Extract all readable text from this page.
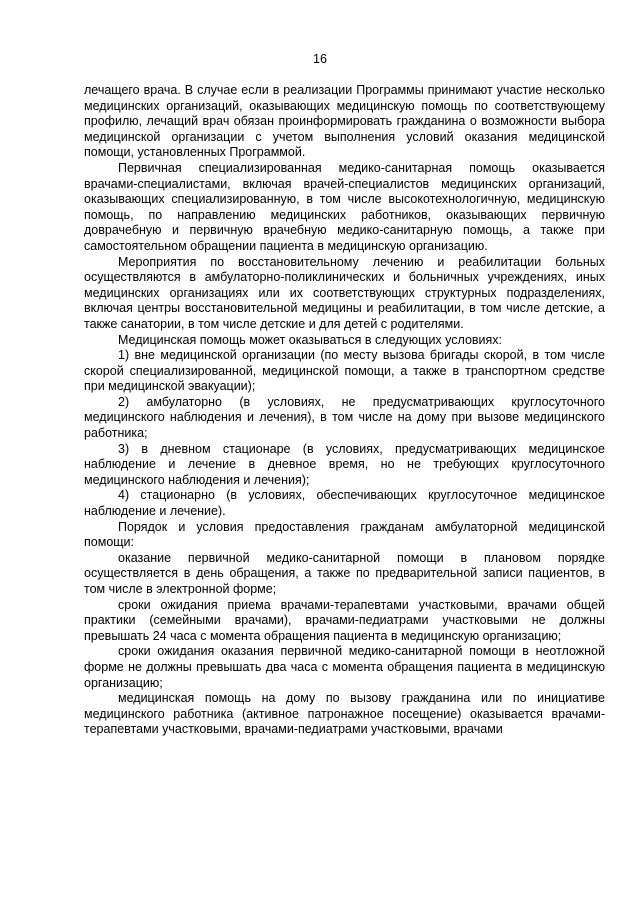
16

лечащего врача. В случае если в реализации Программы принимают участие несколько медицинских организаций, оказывающих медицинскую помощь по соответствующему профилю, лечащий врач обязан проинформировать гражданина о возможности выбора медицинской организации с учетом выполнения условий оказания медицинской помощи, установленных Программой.

Первичная специализированная медико-санитарная помощь оказывается врачами-специалистами, включая врачей-специалистов медицинских организаций, оказывающих специализированную, в том числе высокотехнологичную, медицинскую помощь, по направлению медицинских работников, оказывающих первичную доврачебную и первичную врачебную медико-санитарную помощь, а также при самостоятельном обращении пациента в медицинскую организацию.

Мероприятия по восстановительному лечению и реабилитации больных осуществляются в амбулаторно-поликлинических и больничных учреждениях, иных медицинских организациях или их соответствующих структурных подразделениях, включая центры восстановительной медицины и реабилитации, в том числе детские, а также санатории, в том числе детские и для детей с родителями.

Медицинская помощь может оказываться в следующих условиях:

1) вне медицинской организации (по месту вызова бригады скорой, в том числе скорой специализированной, медицинской помощи, а также в транспортном средстве при медицинской эвакуации);

2) амбулаторно (в условиях, не предусматривающих круглосуточного медицинского наблюдения и лечения), в том числе на дому при вызове медицинского работника;

3) в дневном стационаре (в условиях, предусматривающих медицинское наблюдение и лечение в дневное время, но не требующих круглосуточного медицинского наблюдения и лечения);

4) стационарно (в условиях, обеспечивающих круглосуточное медицинское наблюдение и лечение).

Порядок и условия предоставления гражданам амбулаторной медицинской помощи:

оказание первичной медико-санитарной помощи в плановом порядке осуществляется в день обращения, а также по предварительной записи пациентов, в том числе в электронной форме;

сроки ожидания приема врачами-терапевтами участковыми, врачами общей практики (семейными врачами), врачами-педиатрами участковыми не должны превышать 24 часа с момента обращения пациента в медицинскую организацию;

сроки ожидания оказания первичной медико-санитарной помощи в неотложной форме не должны превышать два часа с момента обращения пациента в медицинскую организацию;

медицинская помощь на дому по вызову гражданина или по инициативе медицинского работника (активное патронажное посещение) оказывается врачами-терапевтами участковыми, врачами-педиатрами участковыми, врачами
